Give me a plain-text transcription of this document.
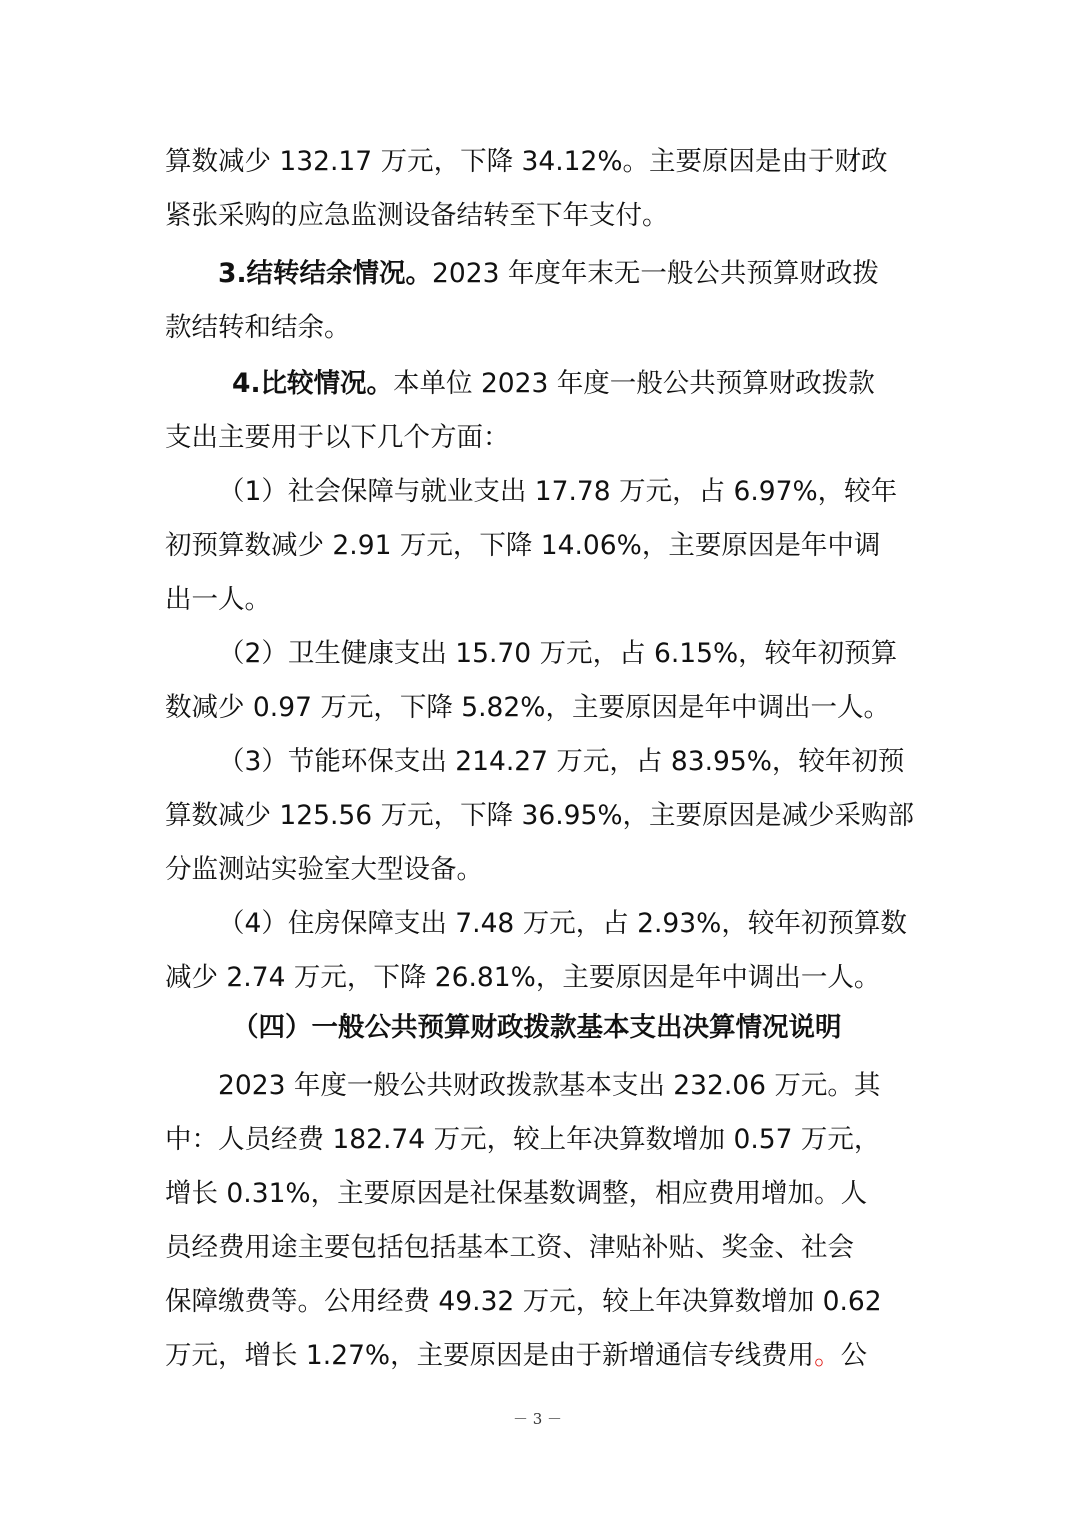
算数减少 132.17 万元，下降 34.12%。主要原因是由于财政
紧张采购的应急监测设备结转至下年支付。
3.结转结余情况。2023 年度年末无一般公共预算财政拨
款结转和结余。
4.比较情况。本单位 2023 年度一般公共预算财政拨款
支出主要用于以下几个方面：
（1）社会保障与就业支出 17.78 万元，占 6.97%，较年
初预算数减少 2.91 万元，下降 14.06%，主要原因是年中调
出一人。
（2）卫生健康支出 15.70 万元，占 6.15%，较年初预算
数减少 0.97 万元，下降 5.82%，主要原因是年中调出一人。
（3）节能环保支出 214.27 万元，占 83.95%，较年初预
算数减少 125.56 万元，下降 36.95%，主要原因是减少采购部
分监测站实验室大型设备。
（4）住房保障支出 7.48 万元，占 2.93%，较年初预算数
减少 2.74 万元，下降 26.81%，主要原因是年中调出一人。
（四）一般公共预算财政拨款基本支出决算情况说明
2023 年度一般公共财政拨款基本支出 232.06 万元。其
中：人员经费 182.74 万元，较上年决算数增加 0.57 万元，
增长 0.31%，主要原因是社保基数调整，相应费用增加。人
员经费用途主要包括包括基本工资、津贴补贴、奖金、社会
保障缴费等。公用经费 49.32 万元，较上年决算数增加 0.62
万元，增长 1.27%，主要原因是由于新增通信专线费用。公
－ 3 －
